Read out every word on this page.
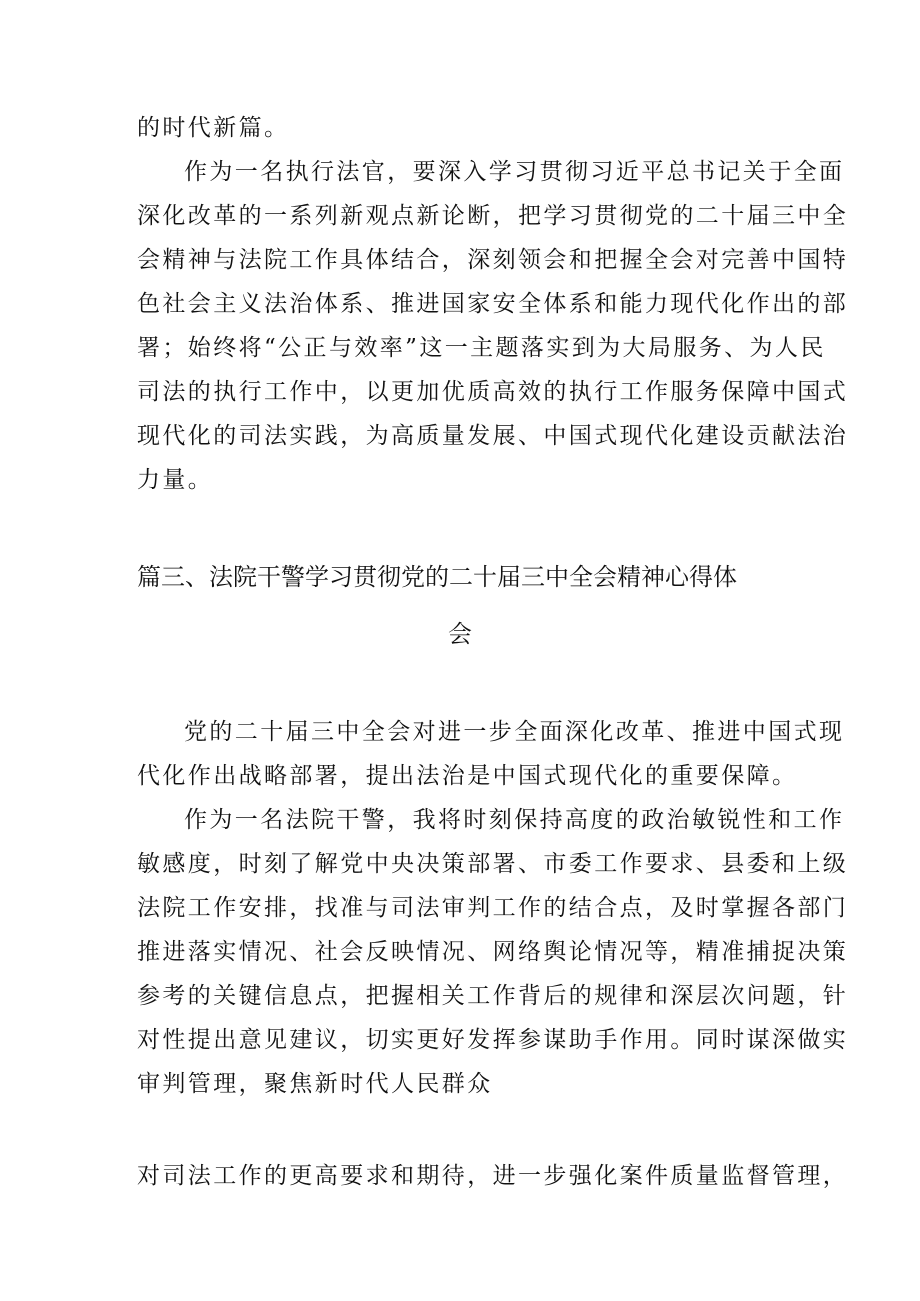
的时代新篇。
作为一名执行法官，要深入学习贯彻习近平总书记关于全面
深化改革的一系列新观点新论断，把学习贯彻党的二十届三中全
会精神与法院工作具体结合，深刻领会和把握全会对完善中国特
色社会主义法治体系、推进国家安全体系和能力现代化作出的部
署；始终将“公正与效率”这一主题落实到为大局服务、为人民
司法的执行工作中，以更加优质高效的执行工作服务保障中国式
现代化的司法实践，为高质量发展、中国式现代化建设贡献法治
力量。
篇三、法院干警学习贯彻党的二十届三中全会精神心得体
会
党的二十届三中全会对进一步全面深化改革、推进中国式现
代化作出战略部署，提出法治是中国式现代化的重要保障。
作为一名法院干警，我将时刻保持高度的政治敏锐性和工作
敏感度，时刻了解党中央决策部署、市委工作要求、县委和上级
法院工作安排，找准与司法审判工作的结合点，及时掌握各部门
推进落实情况、社会反映情况、网络舆论情况等，精准捕捉决策
参考的关键信息点，把握相关工作背后的规律和深层次问题，针
对性提出意见建议，切实更好发挥参谋助手作用。同时谋深做实
审判管理，聚焦新时代人民群众
对司法工作的更高要求和期待，进一步强化案件质量监督管理，
